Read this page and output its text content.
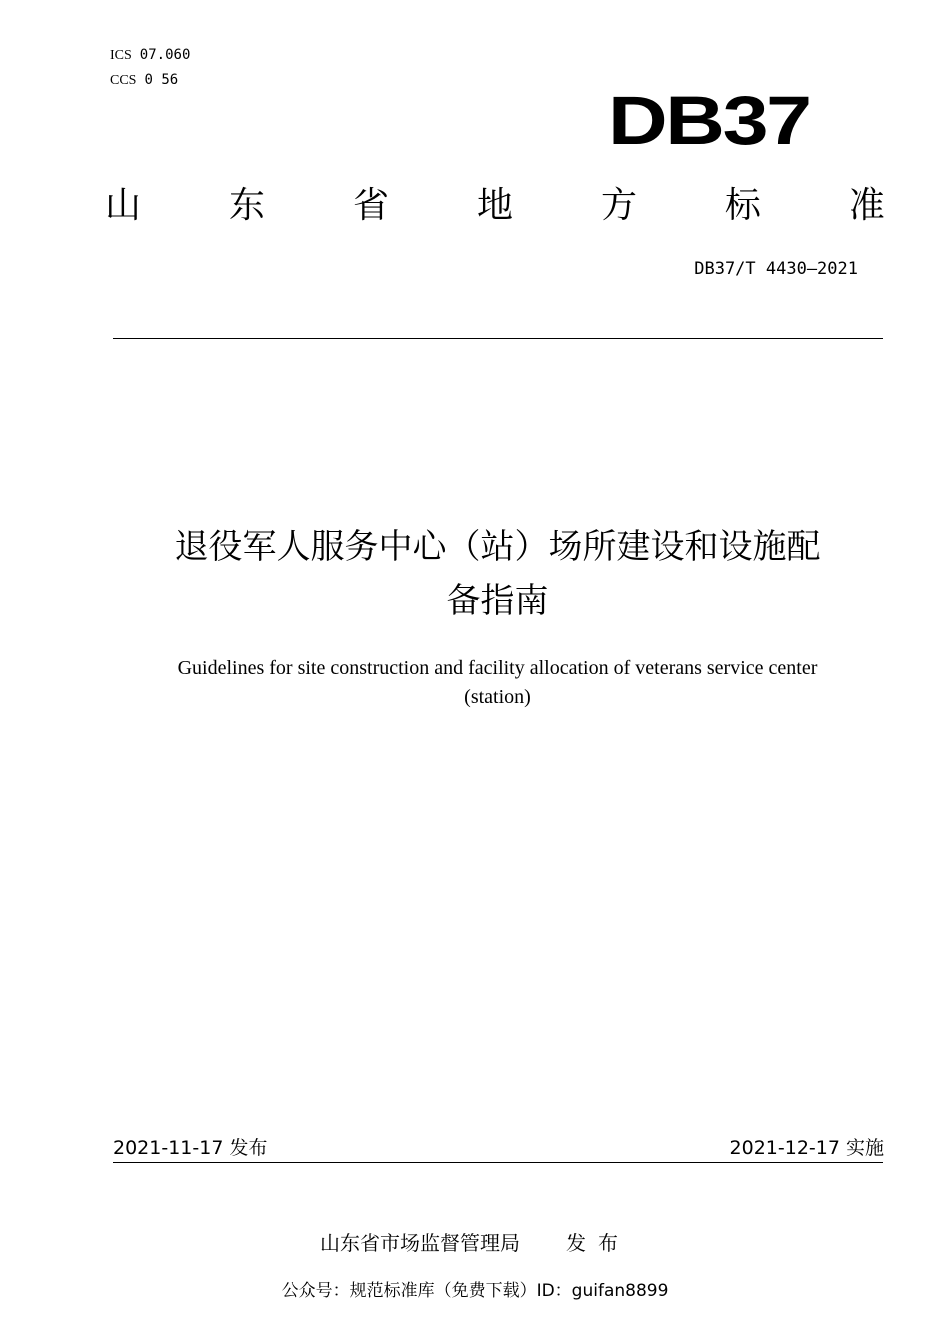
ICS 07.060
CCS 0 56
DB37
山 东 省 地 方 标 准
DB37/T 4430—2021
退役军人服务中心（站）场所建设和设施配
备指南
Guidelines for site construction and facility allocation of veterans service center
(station)
2021-11-17 发布	2021-12-17 实施
山东省市场监督管理局 发布
公众号：规范标准库（免费下载）ID：guifan8899
